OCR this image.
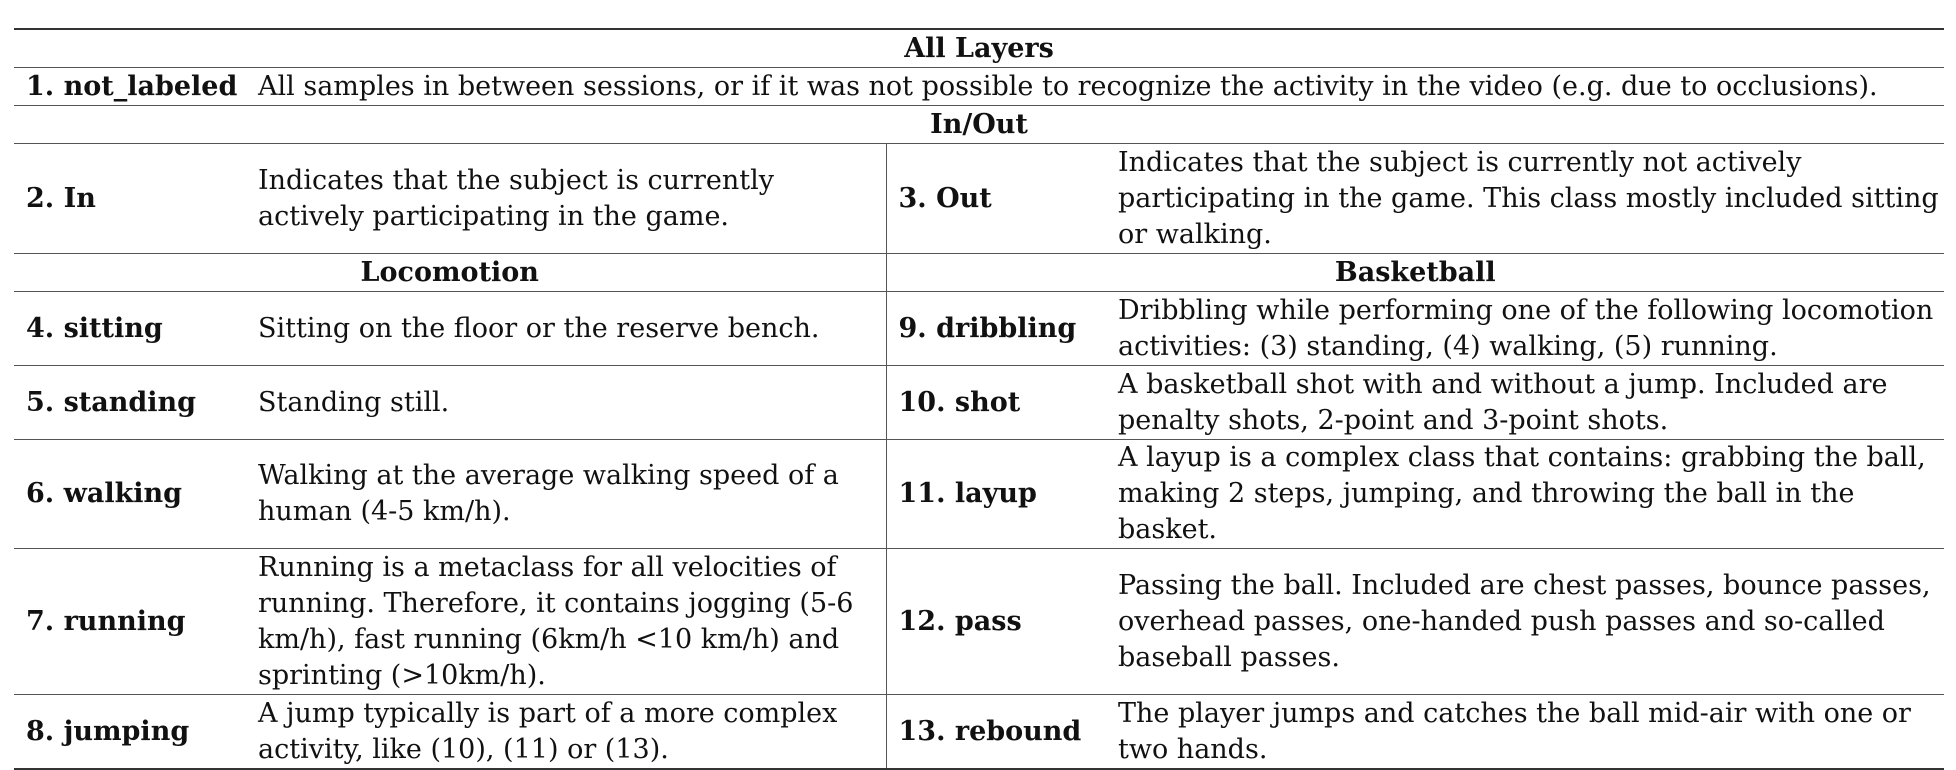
All Layers			
1. not_labeled	All samples in between sessions, or if it was not possible to recognize the activity in the video (e.g. due to occlusions).		
In/Out			
2. In	Indicates that the subject is currently actively participating in the game.	3. Out	Indicates that the subject is currently not actively participating in the game. This class mostly included sitting or walking.
Locomotion		Basketball	
4. sitting	Sitting on the floor or the reserve bench.	9. dribbling	Dribbling while performing one of the following locomotion activities: (3) standing, (4) walking, (5) running.
5. standing	Standing still.	10. shot	A basketball shot with and without a jump. Included are penalty shots, 2-point and 3-point shots.
6. walking	Walking at the average walking speed of a human (4-5 km/h).	11. layup	A layup is a complex class that contains: grabbing the ball, making 2 steps, jumping, and throwing the ball in the basket.
7. running	Running is a metaclass for all velocities of running. Therefore, it contains jogging (5-6 km/h), fast running (6km/h <10 km/h) and sprinting (>10km/h).	12. pass	Passing the ball. Included are chest passes, bounce passes, overhead passes, one-handed push passes and so-called baseball passes.
8. jumping	A jump typically is part of a more complex activity, like (10), (11) or (13).	13. rebound	The player jumps and catches the ball mid-air with one or two hands.
